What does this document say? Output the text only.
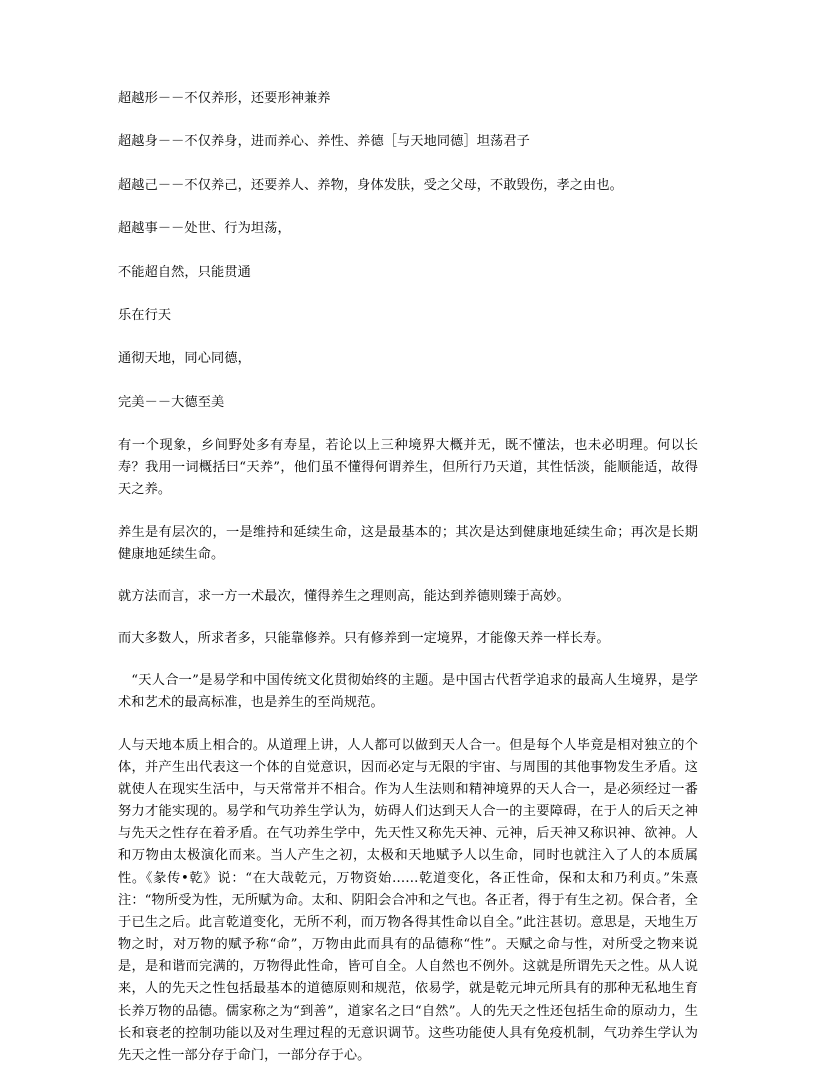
超越形－－不仅养形，还要形神兼养

超越身－－不仅养身，进而养心、养性、养德［与天地同德］坦荡君子

超越己－－不仅养己，还要养人、养物，身体发肤，受之父母，不敢毁伤，孝之由也。

超越事－－处世、行为坦荡，

不能超自然，只能贯通

乐在行天

通彻天地，同心同德，

完美－－大德至美

有一个现象，乡间野处多有寿星，若论以上三种境界大概并无，既不懂法，也未必明理。何以长寿？我用一词概括曰“天养”，他们虽不懂得何谓养生，但所行乃天道，其性恬淡，能顺能适，故得天之养。

养生是有层次的，一是维持和延续生命，这是最基本的；其次是达到健康地延续生命；再次是长期健康地延续生命。

就方法而言，求一方一术最次，懂得养生之理则高，能达到养德则臻于高妙。

而大多数人，所求者多，只能靠修养。只有修养到一定境界，才能像天养一样长寿。

“天人合一”是易学和中国传统文化贯彻始终的主题。是中国古代哲学追求的最高人生境界，是学术和艺术的最高标准，也是养生的至尚规范。

人与天地本质上相合的。从道理上讲，人人都可以做到天人合一。但是每个人毕竟是相对独立的个体，并产生出代表这一个体的自觉意识，因而必定与无限的宇宙、与周围的其他事物发生矛盾。这就使人在现实生活中，与天常常并不相合。作为人生法则和精神境界的天人合一，是必须经过一番努力才能实现的。易学和气功养生学认为，妨碍人们达到天人合一的主要障碍，在于人的后天之神与先天之性存在着矛盾。在气功养生学中，先天性又称先天神、元神，后天神又称识神、欲神。人和万物由太极演化而来。当人产生之初，太极和天地赋予人以生命，同时也就注入了人的本质属性。《彖传•乾》说：“在大哉乾元，万物资始……乾道变化，各正性命，保和太和乃利贞。”朱熹注：“物所受为性，无所赋为命。太和、阴阳会合冲和之气也。各正者，得于有生之初。保合者，全于已生之后。此言乾道变化，无所不利，而万物各得其性命以自全。”此注甚切。意思是，天地生万物之时，对万物的赋予称“命”，万物由此而具有的品德称“性”。天赋之命与性，对所受之物来说是，是和谐而完满的，万物得此性命，皆可自全。人自然也不例外。这就是所谓先天之性。从人说来，人的先天之性包括最基本的道德原则和规范，依易学，就是乾元坤元所具有的那种无私地生育长养万物的品德。儒家称之为“到善”，道家名之曰“自然”。人的先天之性还包括生命的原动力，生长和衰老的控制功能以及对生理过程的无意识调节。这些功能使人具有免疫机制，气功养生学认为先天之性一部分存于命门，一部分存于心。
